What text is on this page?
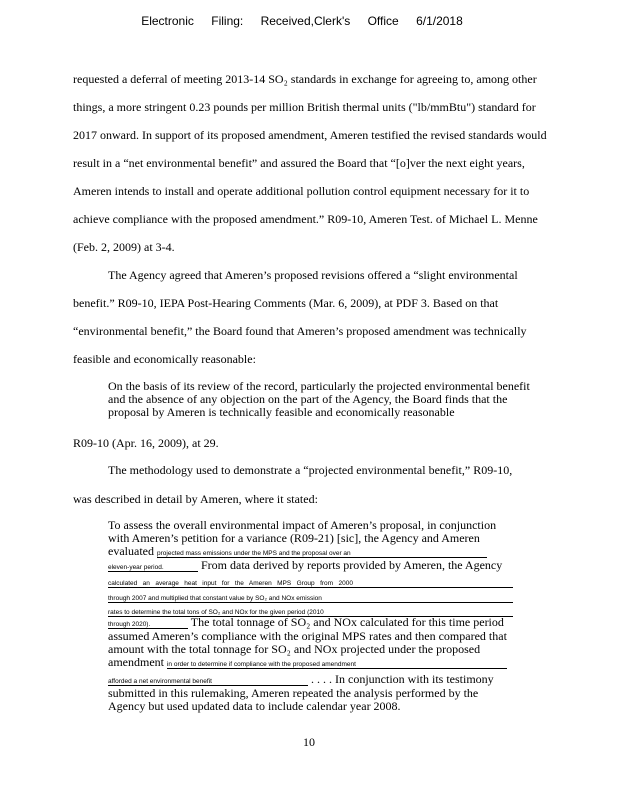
Electronic Filing: Received,Clerk's Office 6/1/2018
requested a deferral of meeting 2013-14 SO₂ standards in exchange for agreeing to, among other
things, a more stringent 0.23 pounds per million British thermal units ("lb/mmBtu") standard for
2017 onward. In support of its proposed amendment, Ameren testified the revised standards would
result in a “net environmental benefit” and assured the Board that “[o]ver the next eight years,
Ameren intends to install and operate additional pollution control equipment necessary for it to
achieve compliance with the proposed amendment.” R09-10, Ameren Test. of Michael L. Menne
(Feb. 2, 2009) at 3-4.
The Agency agreed that Ameren’s proposed revisions offered a “slight environmental
benefit.” R09-10, IEPA Post-Hearing Comments (Mar. 6, 2009), at PDF 3. Based on that
“environmental benefit,” the Board found that Ameren’s proposed amendment was technically
feasible and economically reasonable:
On the basis of its review of the record, particularly the projected environmental benefit
and the absence of any objection on the part of the Agency, the Board finds that the
proposal by Ameren is technically feasible and economically reasonable
R09-10 (Apr. 16, 2009), at 29.
The methodology used to demonstrate a “projected environmental benefit,” R09-10,
was described in detail by Ameren, where it stated:
To assess the overall environmental impact of Ameren’s proposal, in conjunction
with Ameren’s petition for a variance (R09-21) [sic], the Agency and Ameren
evaluated projected mass emissions under the MPS and the proposal over an
eleven-year period.	From data derived by reports provided by Ameren, the Agency
calculated   an   average   heat   input   for   the   Ameren   MPS   Group   from   2000
through 2007 and multiplied that constant value by SO₂ and NOx emission
rates to determine the total tons of SO₂ and NOx for the given period (2010
through 2020).	The total tonnage of SO₂ and NOx calculated for this time period
assumed Ameren’s compliance with the original MPS rates and then compared that
amount with the total tonnage for SO₂ and NOx projected under the proposed
amendment in order to determine if compliance with the proposed amendment
afforded a net environmental benefit	. . . . In conjunction with its testimony
submitted in this rulemaking, Ameren repeated the analysis performed by the
Agency but used updated data to include calendar year 2008.
10
